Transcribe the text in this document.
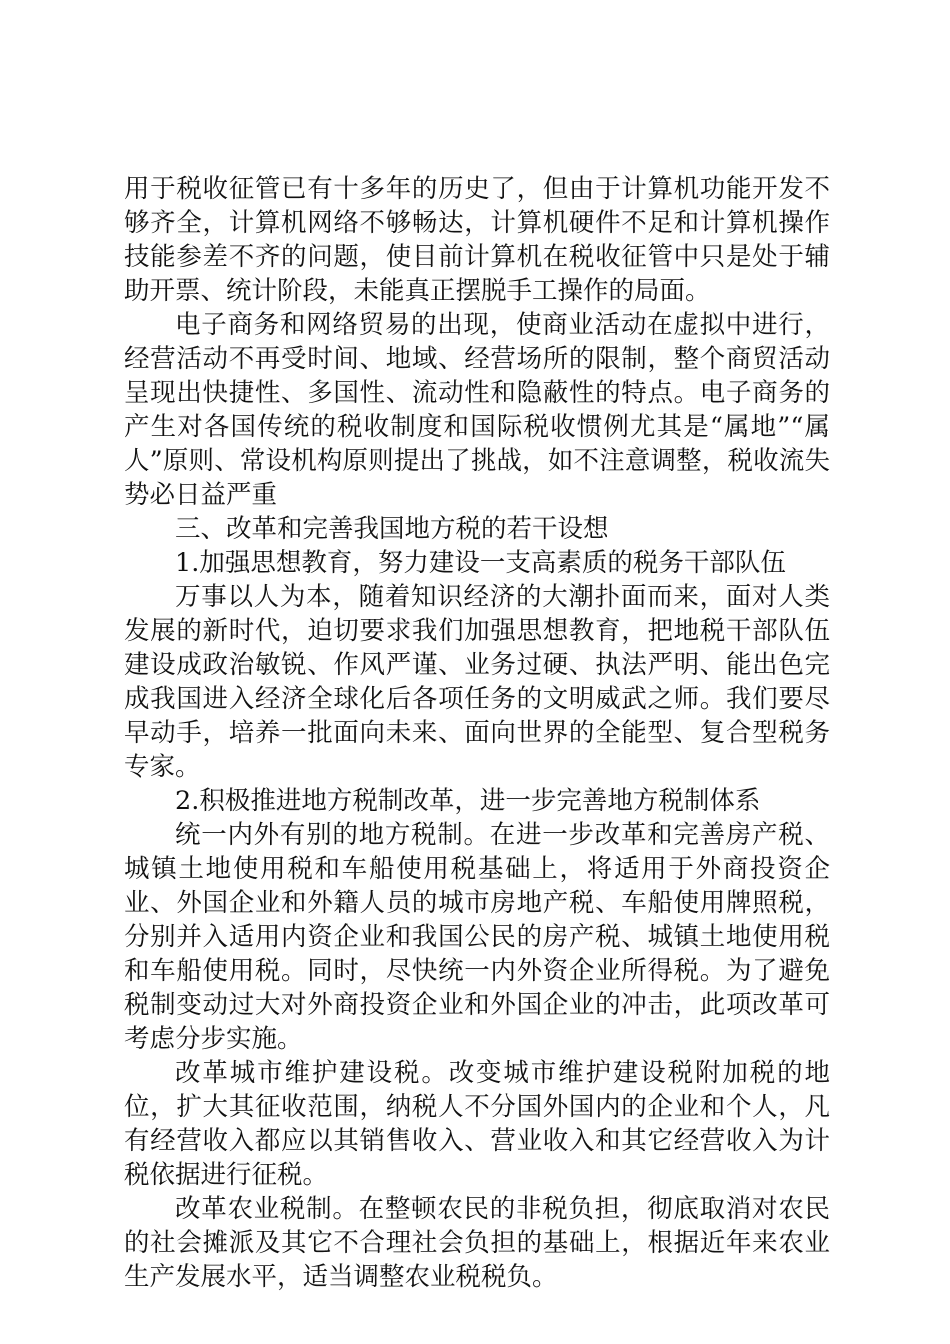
用于税收征管已有十多年的历史了，但由于计算机功能开发不够齐全，计算机网络不够畅达，计算机硬件不足和计算机操作技能参差不齐的问题，使目前计算机在税收征管中只是处于辅助开票、统计阶段，未能真正摆脱手工操作的局面。

电子商务和网络贸易的出现，使商业活动在虚拟中进行，经营活动不再受时间、地域、经营场所的限制，整个商贸活动呈现出快捷性、多国性、流动性和隐蔽性的特点。电子商务的产生对各国传统的税收制度和国际税收惯例尤其是“属地”“属人”原则、常设机构原则提出了挑战，如不注意调整，税收流失势必日益严重

三、改革和完善我国地方税的若干设想

1.加强思想教育，努力建设一支高素质的税务干部队伍

万事以人为本，随着知识经济的大潮扑面而来，面对人类发展的新时代，迫切要求我们加强思想教育，把地税干部队伍建设成政治敏锐、作风严谨、业务过硬、执法严明、能出色完成我国进入经济全球化后各项任务的文明威武之师。我们要尽早动手，培养一批面向未来、面向世界的全能型、复合型税务专家。

2.积极推进地方税制改革，进一步完善地方税制体系

统一内外有别的地方税制。在进一步改革和完善房产税、城镇土地使用税和车船使用税基础上，将适用于外商投资企业、外国企业和外籍人员的城市房地产税、车船使用牌照税，分别并入适用内资企业和我国公民的房产税、城镇土地使用税和车船使用税。同时，尽快统一内外资企业所得税。为了避免税制变动过大对外商投资企业和外国企业的冲击，此项改革可考虑分步实施。

改革城市维护建设税。改变城市维护建设税附加税的地位，扩大其征收范围，纳税人不分国外国内的企业和个人，凡有经营收入都应以其销售收入、营业收入和其它经营收入为计税依据进行征税。

改革农业税制。在整顿农民的非税负担，彻底取消对农民的社会摊派及其它不合理社会负担的基础上，根据近年来农业生产发展水平，适当调整农业税税负。
